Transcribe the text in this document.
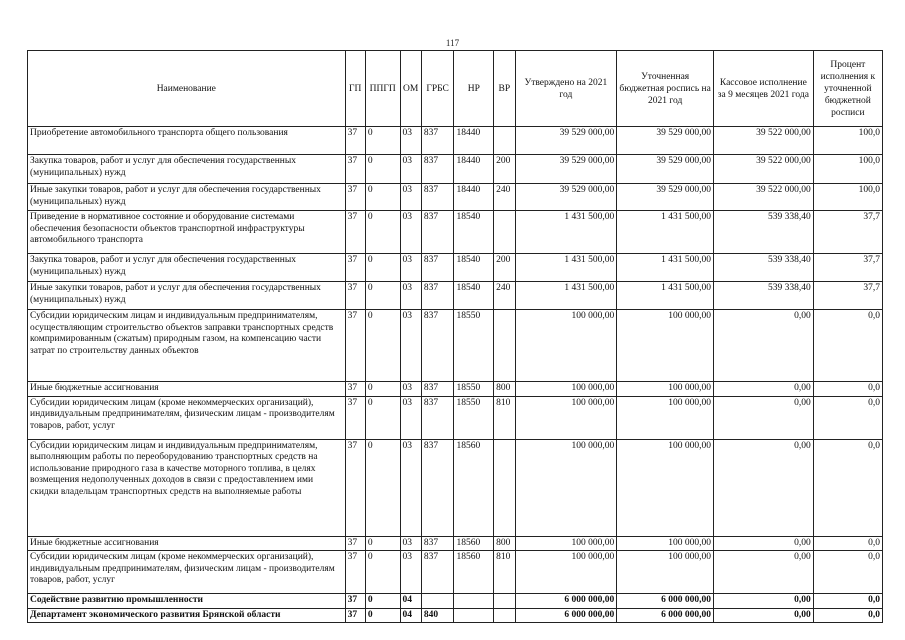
117
Наименование	ГП	ППГП	ОМ	ГРБС	НР	ВР	Утверждено на 2021 год	Уточненная бюджетная роспись на 2021 год	Кассовое исполнение за 9 месяцев 2021 года	Процент исполнения к уточненной бюджетной росписи
Приобретение автомобильного транспорта общего пользования	37	0	03	837	18440		39 529 000,00	39 529 000,00	39 522 000,00	100,0
Закупка товаров, работ и услуг для обеспечения государственных (муниципальных) нужд	37	0	03	837	18440	200	39 529 000,00	39 529 000,00	39 522 000,00	100,0
Иные закупки товаров, работ и услуг для обеспечения государственных (муниципальных) нужд	37	0	03	837	18440	240	39 529 000,00	39 529 000,00	39 522 000,00	100,0
Приведение в нормативное состояние и оборудование системами обеспечения безопасности объектов транспортной инфраструктуры автомобильного транспорта	37	0	03	837	18540		1 431 500,00	1 431 500,00	539 338,40	37,7
Закупка товаров, работ и услуг для обеспечения государственных (муниципальных) нужд	37	0	03	837	18540	200	1 431 500,00	1 431 500,00	539 338,40	37,7
Иные закупки товаров, работ и услуг для обеспечения государственных (муниципальных) нужд	37	0	03	837	18540	240	1 431 500,00	1 431 500,00	539 338,40	37,7
Субсидии юридическим лицам и индивидуальным предпринимателям, осуществляющим строительство объектов заправки транспортных средств компримированным (сжатым) природным газом, на компенсацию части затрат по строительству данных объектов	37	0	03	837	18550		100 000,00	100 000,00	0,00	0,0
Иные бюджетные ассигнования	37	0	03	837	18550	800	100 000,00	100 000,00	0,00	0,0
Субсидии юридическим лицам (кроме некоммерческих организаций), индивидуальным предпринимателям, физическим лицам - производителям товаров, работ, услуг	37	0	03	837	18550	810	100 000,00	100 000,00	0,00	0,0
Субсидии юридическим лицам и индивидуальным предпринимателям, выполняющим работы по переоборудованию транспортных средств на использование природного газа в качестве моторного топлива, в целях возмещения недополученных доходов в связи с предоставлением ими скидки владельцам транспортных средств на выполняемые работы	37	0	03	837	18560		100 000,00	100 000,00	0,00	0,0
Иные бюджетные ассигнования	37	0	03	837	18560	800	100 000,00	100 000,00	0,00	0,0
Субсидии юридическим лицам (кроме некоммерческих организаций), индивидуальным предпринимателям, физическим лицам - производителям товаров, работ, услуг	37	0	03	837	18560	810	100 000,00	100 000,00	0,00	0,0
Содействие развитию промышленности	37	0	04				6 000 000,00	6 000 000,00	0,00	0,0
Департамент экономического развития Брянской области	37	0	04	840			6 000 000,00	6 000 000,00	0,00	0,0
